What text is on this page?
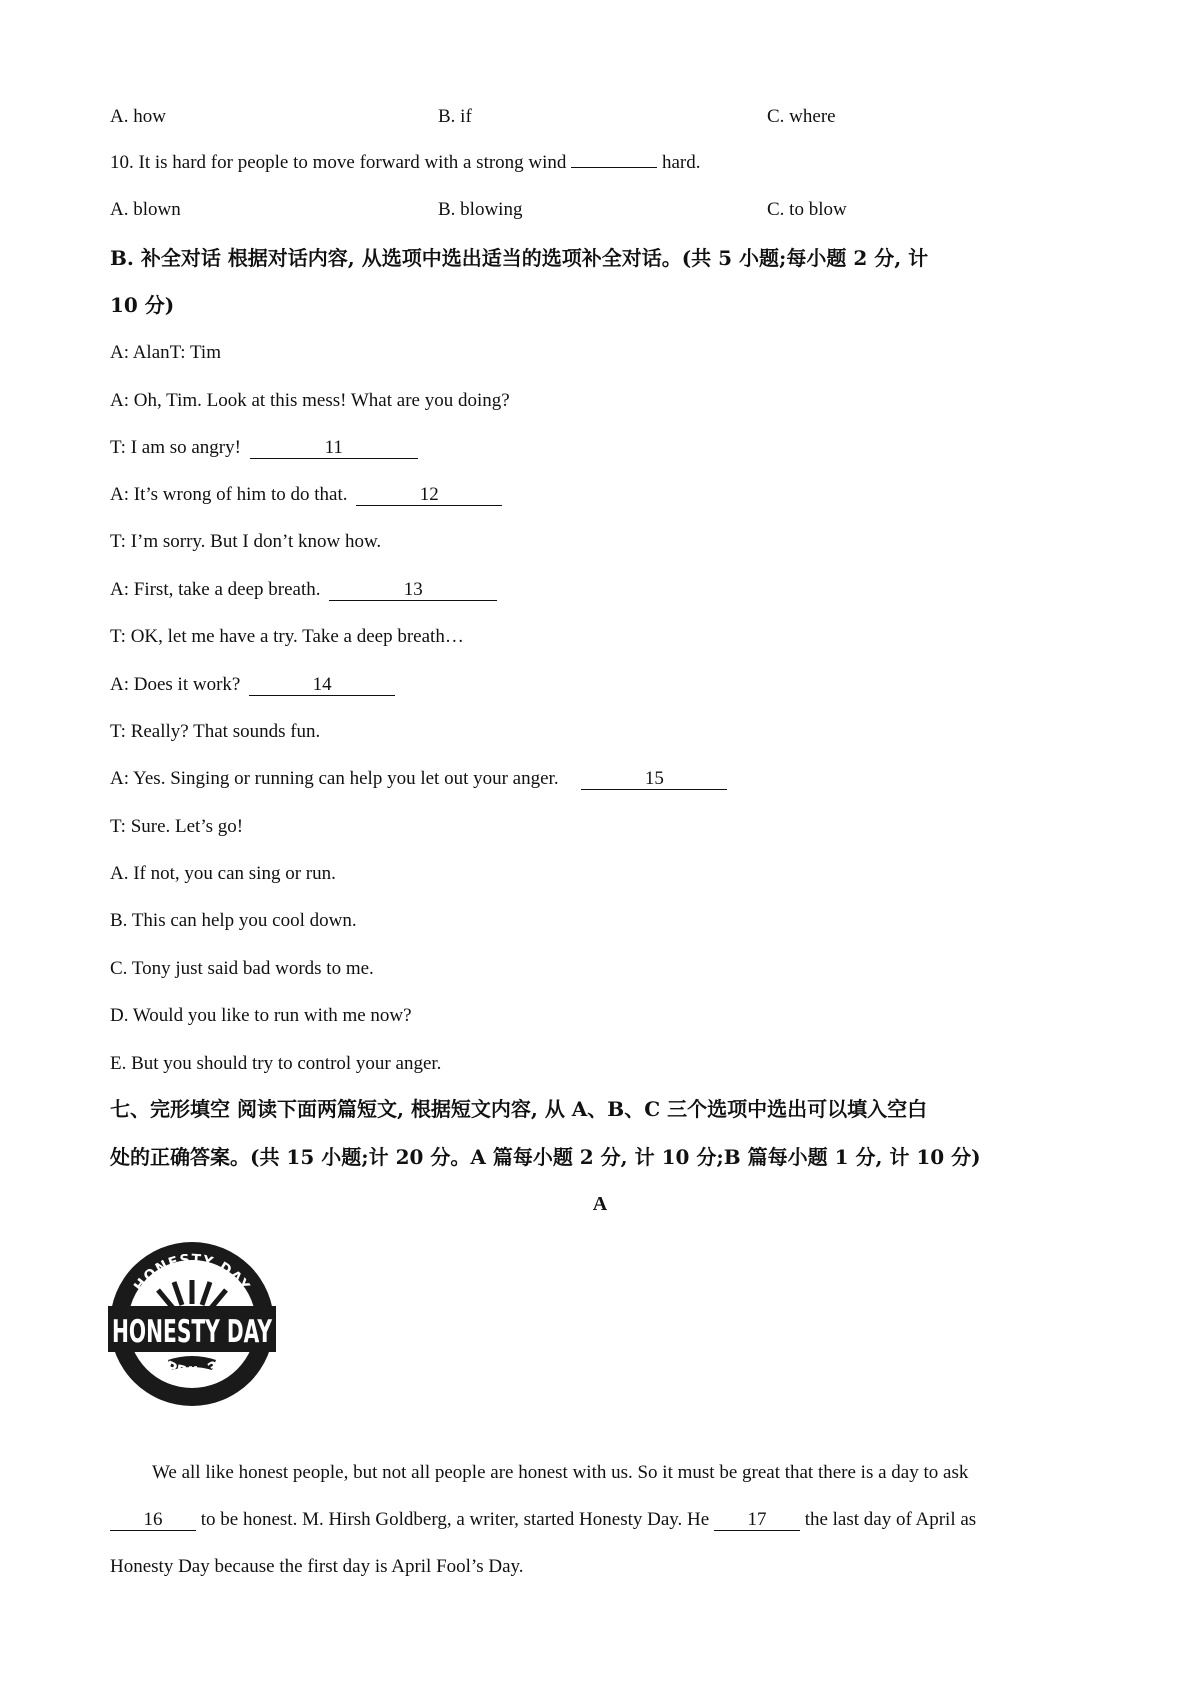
A. how	B. if	C. where
10. It is hard for people to move forward with a strong wind	hard.
A. blown	B. blowing	C. to blow
B. 补全对话 根据对话内容, 从选项中选出适当的选项补全对话。(共 5 小题;每小题 2 分, 计
10 分)
A: AlanT: Tim
A: Oh, Tim. Look at this mess! What are you doing?
T: I am so angry!	11
A: It’s wrong of him to do that.	12
T: I’m sorry. But I don’t know how.
A: First, take a deep breath.	13
T: OK, let me have a try. Take a deep breath…
A: Does it work?	14
T: Really? That sounds fun.
A: Yes. Singing or running can help you let out your anger.	15
T: Sure. Let’s go!
A. If not, you can sing or run.
B. This can help you cool down.
C. Tony just said bad words to me.
D. Would you like to run with me now?
E. But you should try to control your anger.
七、完形填空 阅读下面两篇短文, 根据短文内容, 从 A、B、C 三个选项中选出可以填入空白
处的正确答案。(共 15 小题;计 20 分。A 篇每小题 2 分, 计 10 分;B 篇每小题 1 分, 计 10 分)
A
HONESTY DAY
HONESTY DAY
APRIL 30
We all like honest people, but not all people are honest with us. So it must be great that there is a day to ask
16 to be honest. M. Hirsh Goldberg, a writer, started Honesty Day. He 17 the last day of April as
Honesty Day because the first day is April Fool’s Day.
